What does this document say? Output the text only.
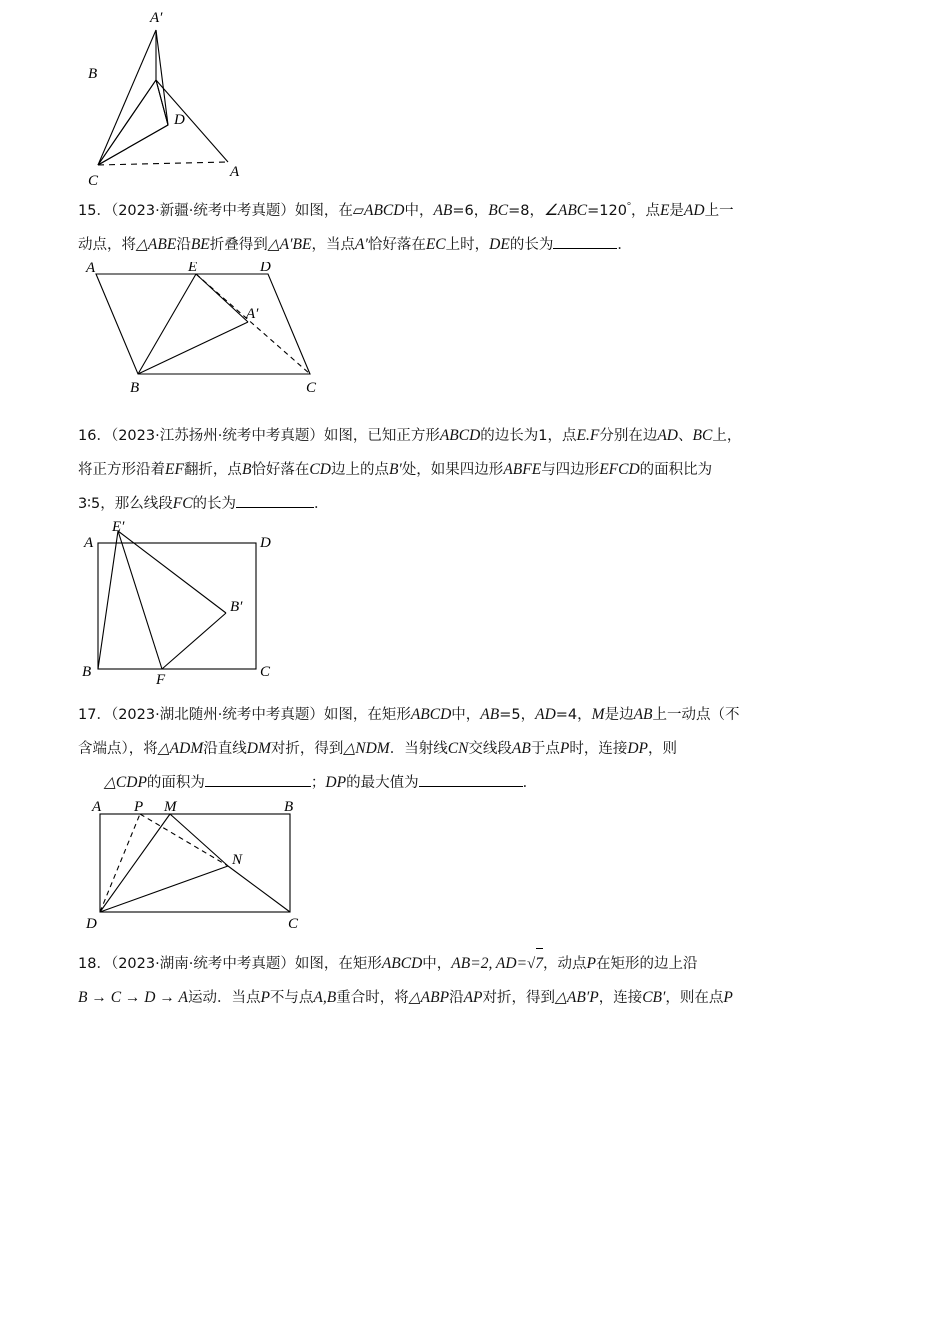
A′
B
D
C
A
15．（2023·新疆·统考中考真题）如图，在▱ABCD中，AB=6，BC=8，∠ABC=120°，点E是AD上一
动点，将△ABE沿BE折叠得到△A′BE，当点A′恰好落在EC上时，DE的长为	．
A	E	D
A′
B	C
16．（2023·江苏扬州·统考中考真题）如图，已知正方形ABCD的边长为1，点E.F分别在边AD、BC上，
将正方形沿着EF翻折，点B恰好落在CD边上的点B′处，如果四边形ABFE与四边形EFCD的面积比为
3∶5，那么线段FC的长为	．
E′
A	D
B′
B	F	C
17．（2023·湖北随州·统考中考真题）如图，在矩形ABCD中，AB=5，AD=4，M是边AB上一动点（不
含端点），将△ADM沿直线DM对折，得到△NDM．当射线CN交线段AB于点P时，连接DP，则
△CDP的面积为	；DP的最大值为	．
A P M	B
N
D	C
18．（2023·湖南·统考中考真题）如图，在矩形ABCD中，AB=2, AD=√
7，动点P在矩形的边上沿
B → C → D → A运动．当点P不与点A,B重合时，将△ABP沿AP对折，得到△AB′P，连接CB′，则在点P
